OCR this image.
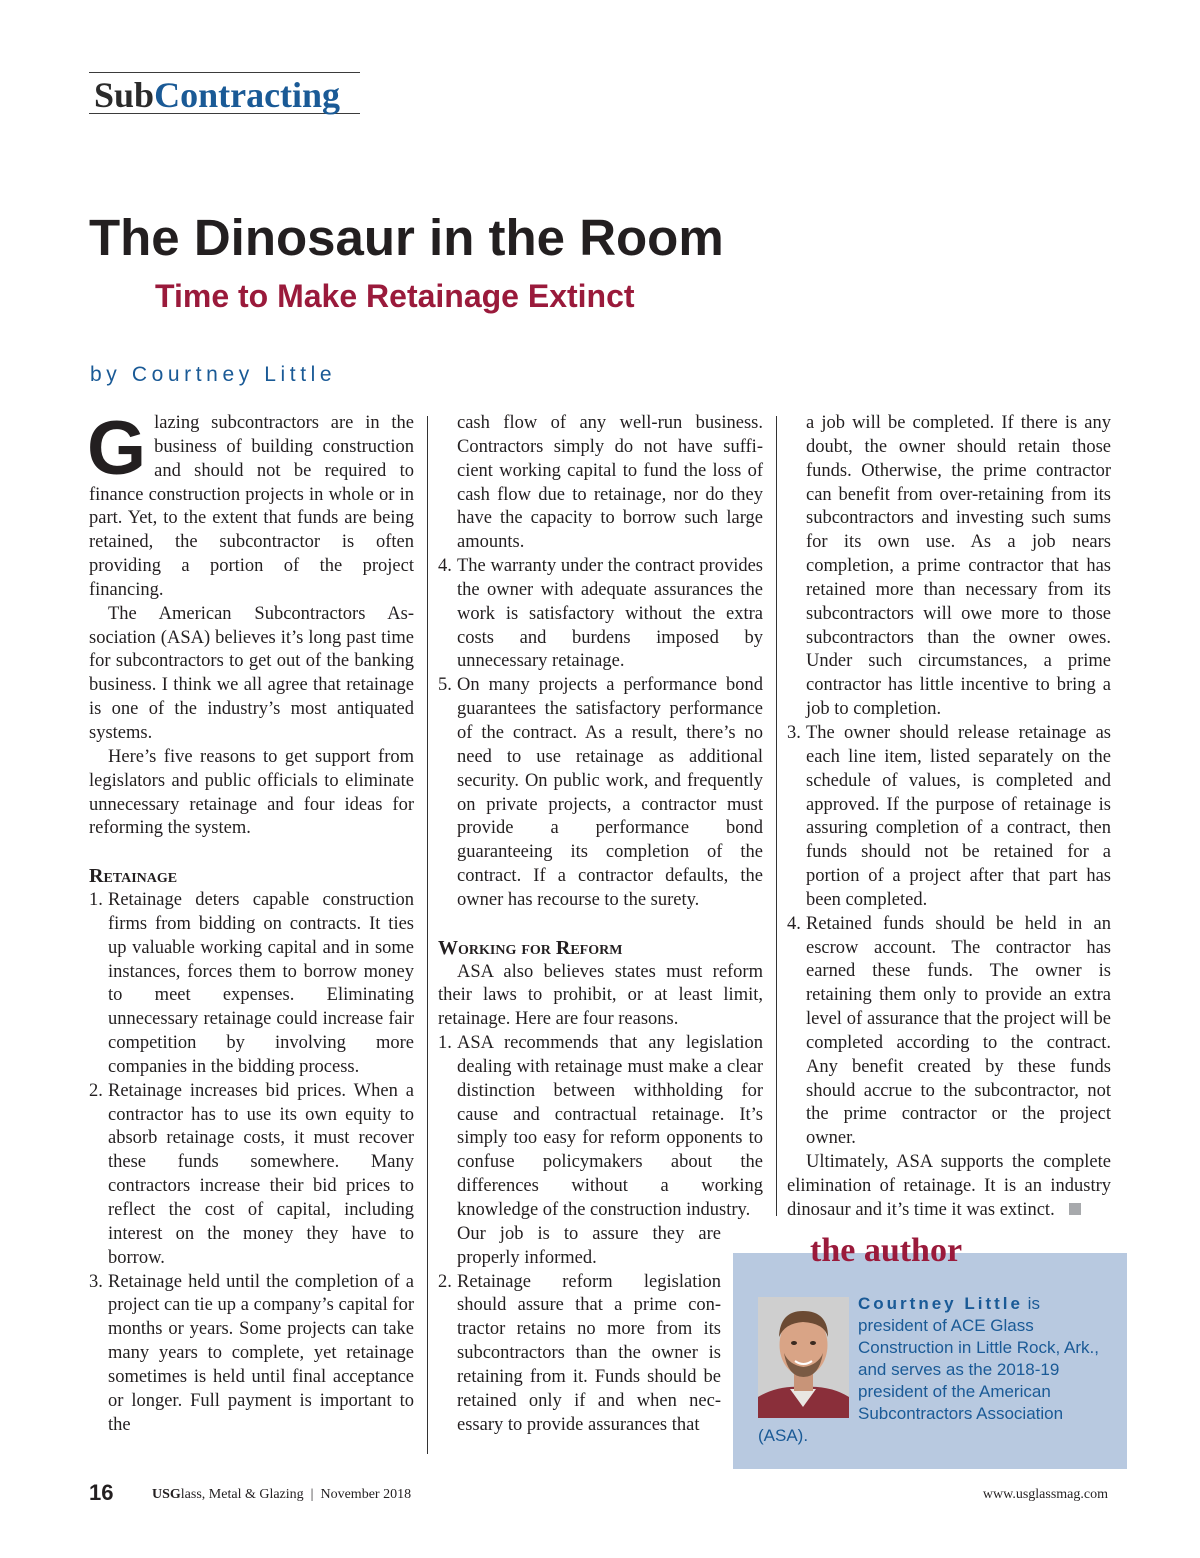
SubContracting
The Dinosaur in the Room
Time to Make Retainage Extinct
by Courtney Little

Glazing subcontractors are in the business of building construction and should not be required to finance construction projects in whole or in part. Yet, to the extent that funds are being retained, the subcontractor is often providing a portion of the project financing.

The American Subcontractors Association (ASA) believes it’s long past time for subcontractors to get out of the banking business. I think we all agree that retainage is one of the industry’s most antiquated systems.

Here’s five reasons to get support from legislators and public officials to eliminate unnecessary retainage and four ideas for reforming the system.

Retainage

1. Retainage deters capable construction firms from bidding on contracts. It ties up valuable working capital and in some instances, forces them to borrow money to meet expenses. Eliminating unnecessary retainage could increase fair competition by involving more companies in the bidding process.
2. Retainage increases bid prices. When a contractor has to use its own equity to absorb retainage costs, it must recover these funds somewhere. Many contractors increase their bid prices to reflect the cost of capital, including interest on the money they have to borrow.
3. Retainage held until the completion of a project can tie up a company’s capital for months or years. Some projects can take many years to complete, yet retainage sometimes is held until final acceptance or longer. Full payment is important to the

cash flow of any well-run business. Contractors simply do not have sufficient working capital to fund the loss of cash flow due to retainage, nor do they have the capacity to borrow such large amounts.

4. The warranty under the contract provides the owner with adequate assurances the work is satisfactory without the extra costs and burdens imposed by unnecessary retainage.
5. On many projects a performance bond guarantees the satisfactory performance of the contract. As a result, there’s no need to use retainage as additional security. On public work, and frequently on private projects, a contractor must provide a performance bond guaranteeing its completion of the contract. If a contractor defaults, the owner has recourse to the surety.

Working for Reform

ASA also believes states must reform their laws to prohibit, or at least limit, retainage. Here are four reasons.

1. ASA recommends that any legislation dealing with retainage must make a clear distinction between withholding for cause and contractual retainage. It’s simply too easy for reform opponents to confuse policymakers about the differences without a working knowledge of the construction industry.

Our job is to assure they are properly informed.

2. Retainage reform legislation should assure that a prime contractor retains no more from its subcontractors than the owner is retaining from it. Funds should be retained only if and when necessary to provide assurances that

a job will be completed. If there is any doubt, the owner should retain those funds. Otherwise, the prime contractor can benefit from over-retaining from its subcontractors and investing such sums for its own use. As a job nears completion, a prime contractor that has retained more than necessary from its subcontractors will owe more to those subcontractors than the owner owes. Under such circumstances, a prime contractor has little incentive to bring a job to completion.

3. The owner should release retainage as each line item, listed separately on the schedule of values, is completed and approved. If the purpose of retainage is assuring completion of a contract, then funds should not be retained for a portion of a project after that part has been completed.
4. Retained funds should be held in an escrow account. The contractor has earned these funds. The owner is retaining them only to provide an extra level of assurance that the project will be completed according to the contract. Any benefit created by these funds should accrue to the subcontractor, not the prime contractor or the project owner.

Ultimately, ASA supports the complete elimination of retainage. It is an industry dinosaur and it’s time it was extinct.

the author
Courtney Little is president of ACE Glass Construction in Little Rock, Ark., and serves as the 2018-19 president of the American Subcontractors Association (ASA).
16	USGlass, Metal & Glazing | November 2018	www.usglassmag.com
